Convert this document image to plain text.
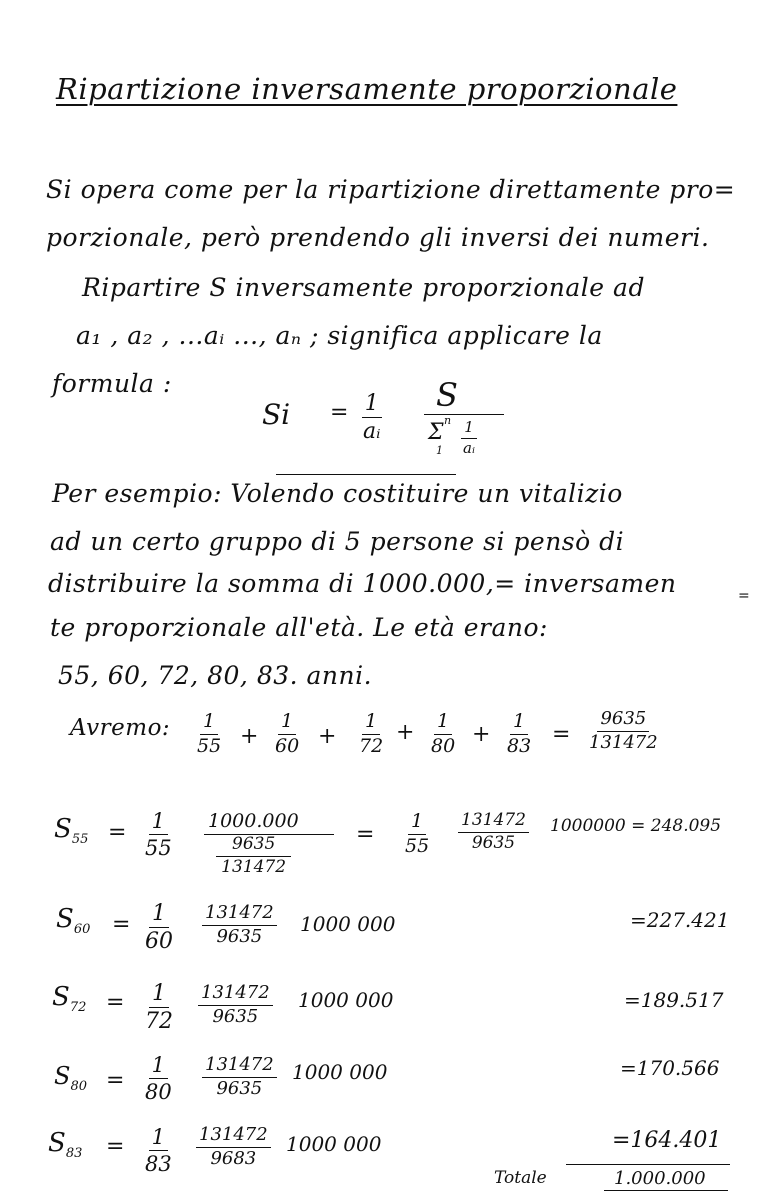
Ripartizione inversamente proporzionale
Si opera come per la ripartizione direttamente pro=
porzionale, però prendendo gli inversi dei numeri.
Ripartire S inversamente proporzionale ad
a₁ , a₂ , ...aᵢ ..., aₙ ; significa applicare la
formula :
$Si = \frac{1}{\text{aᵢ}}$ S
n
Σ
$1 \frac{1}{\text{aᵢ}}$
Per esempio: Volendo costituire un vitalizio
ad un certo gruppo di 5 persone si pensò di
distribuire la somma di 1000.000,= inversamen	=
te proporzionale all'età. Le età erano:
55, 60, 72, 80, 83. anni.
Avremo: $\frac{1}{55} + \frac{1}{60} + \frac{1}{72} + \frac{1}{80} + \frac{1}{83} = \frac{9635}{131472}$
$S_{55} = \frac{1}{55} 1000.000$
$\frac{9635}{131472}$
= $\frac{1}{55} \frac{131472}{9635} 1000000 = 248.095$
$S_{60} = \frac{1}{60} \frac{131472}{9635} 1000$ 000	=227.421
$S_{72} = \frac{1}{72} \frac{131472}{9635} 1000$ 000	=189.517
$S_{80} = \frac{1}{80} \frac{131472}{9635} 1000$ 000	=170.566
$S_{83} = \frac{1}{83} \frac{131472}{9683} 1000$ 000	=164.401
Totale	1.000.000
